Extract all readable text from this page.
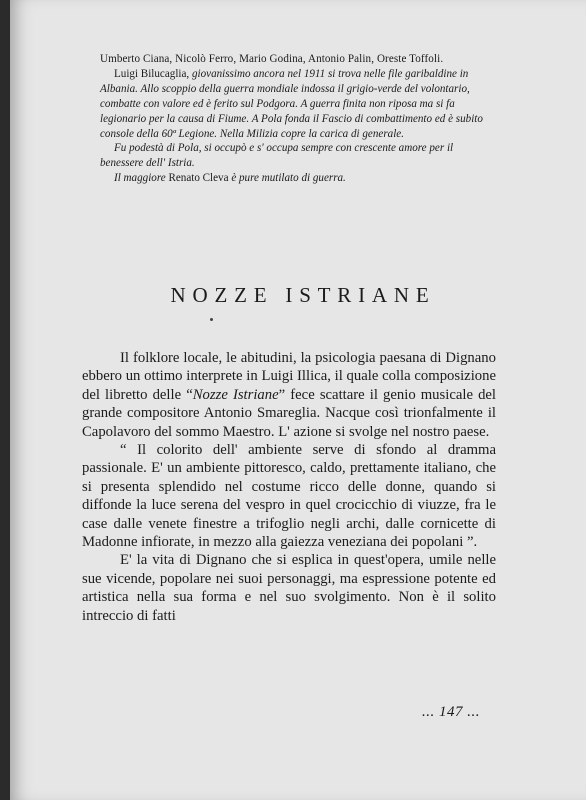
Umberto Ciana, Nicolò Ferro, Mario Godina, Antonio Palin, Oreste Toffoli.

Luigi Bilucaglia, giovanissimo ancora nel 1911 si trova nelle file garibaldine in Albania. Allo scoppio della guerra mondiale indossa il grigio-verde del volontario, combatte con valore ed è ferito sul Podgora. A guerra finita non riposa ma si fa legionario per la causa di Fiume. A Pola fonda il Fascio di combattimento ed è subito console della 60ª Legione. Nella Milizia copre la carica di generale.

Fu podestà di Pola, si occupò e s' occupa sempre con crescente amore per il benessere dell' Istria.

Il maggiore Renato Cleva è pure mutilato di guerra.

NOZZE ISTRIANE

Il folklore locale, le abitudini, la psicologia paesana di Dignano ebbero un ottimo interprete in Luigi Illica, il quale colla composizione del libretto delle “Nozze Istriane” fece scattare il genio musicale del grande compositore Antonio Smareglia. Nacque così trionfalmente il Capolavoro del sommo Maestro. L' azione si svolge nel nostro paese.

“ Il colorito dell' ambiente serve di sfondo al dramma passionale. E' un ambiente pittoresco, caldo, prettamente italiano, che si presenta splendido nel costume ricco delle donne, quando si diffonde la luce serena del vespro in quel crocicchio di viuzze, fra le case dalle venete finestre a trifoglio negli archi, dalle cornicette di Madonne infiorate, in mezzo alla gaiezza veneziana dei popolani ”.

E' la vita di Dignano che si esplica in quest'opera, umile nelle sue vicende, popolare nei suoi personaggi, ma espressione potente ed artistica nella sua forma e nel suo svolgimento. Non è il solito intreccio di fatti

... 147 ...
